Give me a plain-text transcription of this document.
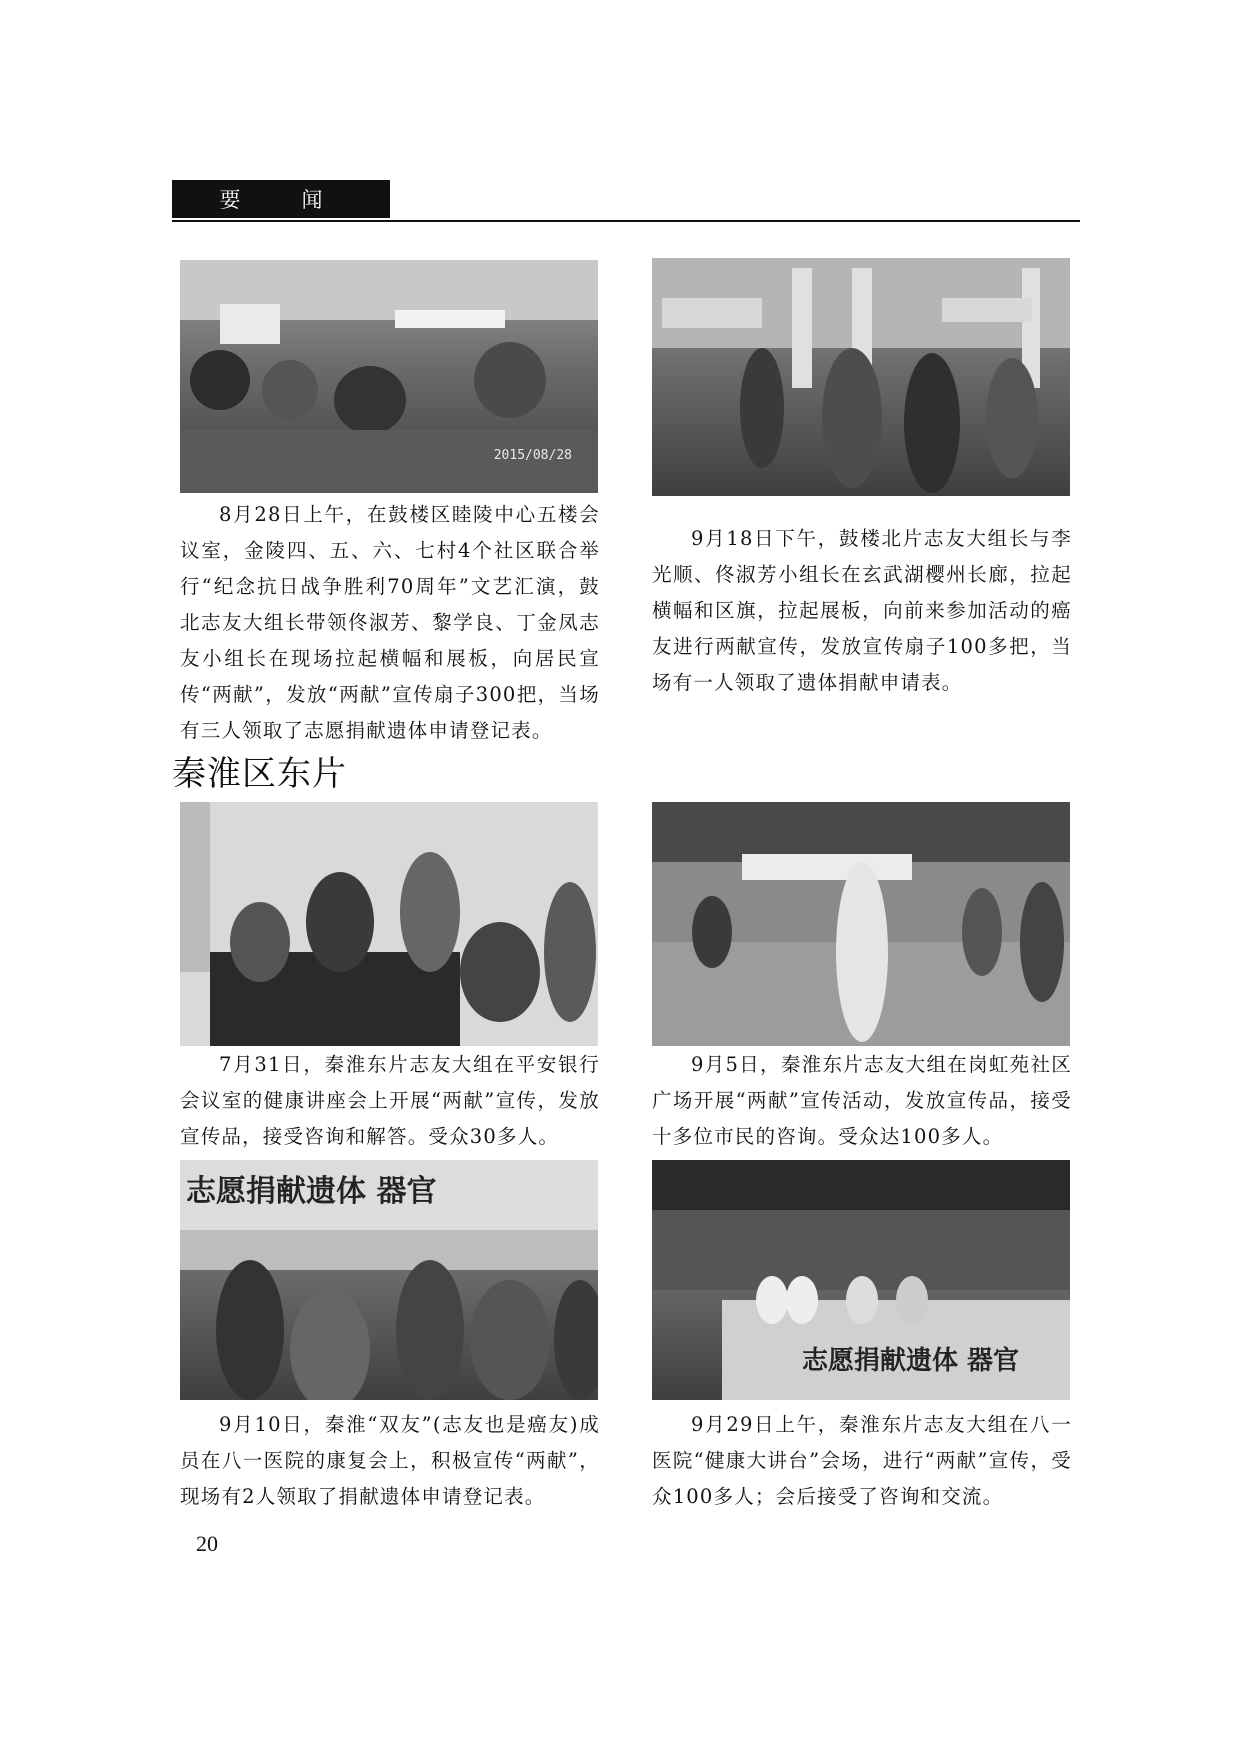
要　闻
2015/08/28

8月28日上午，在鼓楼区睦陵中心五楼会议室，金陵四、五、六、七村4个社区联合举行“纪念抗日战争胜利70周年”文艺汇演，鼓北志友大组长带领佟淑芳、黎学良、丁金凤志友小组长在现场拉起横幅和展板，向居民宣传“两献”，发放“两献”宣传扇子300把，当场有三人领取了志愿捐献遗体申请登记表。

9月18日下午，鼓楼北片志友大组长与李光顺、佟淑芳小组长在玄武湖樱州长廊，拉起横幅和区旗，拉起展板，向前来参加活动的癌友进行两献宣传，发放宣传扇子100多把，当场有一人领取了遗体捐献申请表。

秦淮区东片

7月31日，秦淮东片志友大组在平安银行会议室的健康讲座会上开展“两献”宣传，发放宣传品，接受咨询和解答。受众30多人。

9月5日，秦淮东片志友大组在岗虹苑社区广场开展“两献”宣传活动，发放宣传品，接受十多位市民的咨询。受众达100多人。

志愿捐献遗体 器官

9月10日，秦淮“双友”(志友也是癌友)成员在八一医院的康复会上，积极宣传“两献”，现场有2人领取了捐献遗体申请登记表。

志愿捐献遗体 器官

9月29日上午，秦淮东片志友大组在八一医院“健康大讲台”会场，进行“两献”宣传，受众100多人；会后接受了咨询和交流。

20
